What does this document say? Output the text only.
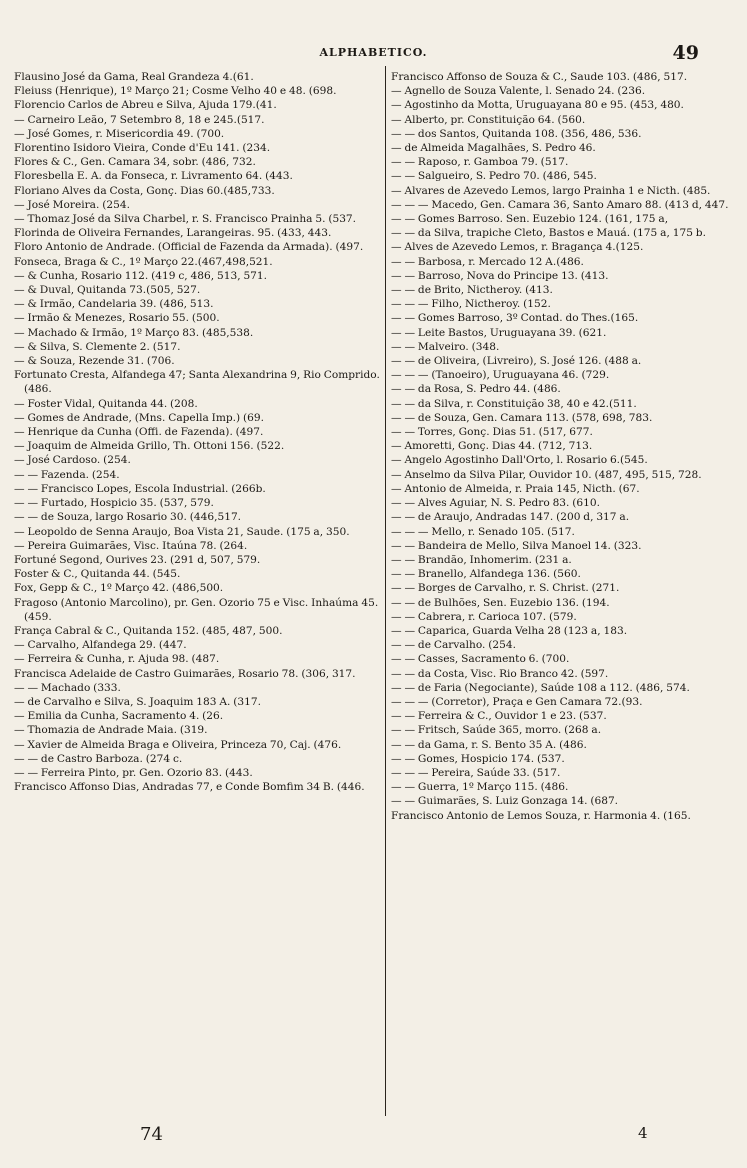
ALPHABETICO.	49

Flausino José da Gama, Real Grandeza 4.(61.

Fleiuss (Henrique), 1º Março 21; Cosme Velho 40 e 48. (698.

Florencio Carlos de Abreu e Silva, Ajuda 179.(41.

— Carneiro Leão, 7 Setembro 8, 18 e 245.(517.

— José Gomes, r. Misericordia 49. (700.

Florentino Isidoro Vieira, Conde d'Eu 141. (234.

Flores & C., Gen. Camara 34, sobr. (486, 732.

Floresbella E. A. da Fonseca, r. Livramento 64. (443.

Floriano Alves da Costa, Gonç. Dias 60.(485,733.

— José Moreira. (254.

— Thomaz José da Silva Charbel, r. S. Francisco Prainha 5. (537.

Florinda de Oliveira Fernandes, Larangeiras. 95. (433, 443.

Floro Antonio de Andrade. (Official de Fazenda da Armada). (497.

Fonseca, Braga & C., 1º Março 22.(467,498,521.

— & Cunha, Rosario 112. (419 c, 486, 513, 571.

— & Duval, Quitanda 73.(505, 527.

— & Irmão, Candelaria 39. (486, 513.

— Irmão & Menezes, Rosario 55. (500.

— Machado & Irmão, 1º Março 83. (485,538.

— & Silva, S. Clemente 2. (517.

— & Souza, Rezende 31. (706.

Fortunato Cresta, Alfandega 47; Santa Alexandrina 9, Rio Comprido. (486.

— Foster Vidal, Quitanda 44. (208.

— Gomes de Andrade, (Mns. Capella Imp.) (69.

— Henrique da Cunha (Offi. de Fazenda). (497.

— Joaquim de Almeida Grillo, Th. Ottoni 156. (522.

— José Cardoso. (254.

— — Fazenda. (254.

— — Francisco Lopes, Escola Industrial. (266b.

— — Furtado, Hospicio 35. (537, 579.

— — de Souza, largo Rosario 30. (446,517.

— Leopoldo de Senna Araujo, Boa Vista 21, Saude. (175 a, 350.

— Pereira Guimarães, Visc. Itaúna 78. (264.

Fortuné Segond, Ourives 23. (291 d, 507, 579.

Foster & C., Quitanda 44. (545.

Fox, Gepp & C., 1º Março 42. (486,500.

Fragoso (Antonio Marcolino), pr. Gen. Ozorio 75 e Visc. Inhaúma 45. (459.

França Cabral & C., Quitanda 152. (485, 487, 500.

— Carvalho, Alfandega 29. (447.

— Ferreira & Cunha, r. Ajuda 98. (487.

Francisca Adelaide de Castro Guimarães, Rosario 78. (306, 317.

— — Machado (333.

— de Carvalho e Silva, S. Joaquim 183 A. (317.

— Emilia da Cunha, Sacramento 4. (26.

— Thomazia de Andrade Maia. (319.

— Xavier de Almeida Braga e Oliveira, Princeza 70, Caj. (476.

— — de Castro Barboza. (274 c.

— — Ferreira Pinto, pr. Gen. Ozorio 83. (443.

Francisco Affonso Dias, Andradas 77, e Conde Bomfim 34 B. (446.

Francisco Affonso de Souza & C., Saude 103. (486, 517.

— Agnello de Souza Valente, l. Senado 24. (236.

— Agostinho da Motta, Uruguayana 80 e 95. (453, 480.

— Alberto, pr. Constituição 64. (560.

— — dos Santos, Quitanda 108. (356, 486, 536.

— de Almeida Magalhães, S. Pedro 46.

— — Raposo, r. Gamboa 79. (517.

— — Salgueiro, S. Pedro 70. (486, 545.

— Alvares de Azevedo Lemos, largo Prainha 1 e Nicth. (485.

— — — Macedo, Gen. Camara 36, Santo Amaro 88. (413 d, 447.

— — Gomes Barroso. Sen. Euzebio 124. (161, 175 a,

— — da Silva, trapiche Cleto, Bastos e Mauá. (175 a, 175 b.

— Alves de Azevedo Lemos, r. Bragança 4.(125.

— — Barbosa, r. Mercado 12 A.(486.

— — Barroso, Nova do Principe 13. (413.

— — de Brito, Nictheroy. (413.

— — — Filho, Nictheroy. (152.

— — Gomes Barroso, 3º Contad. do Thes.(165.

— — Leite Bastos, Uruguayana 39. (621.

— — Malveiro. (348.

— — de Oliveira, (Livreiro), S. José 126. (488 a.

— — — (Tanoeiro), Uruguayana 46. (729.

— — da Rosa, S. Pedro 44. (486.

— — da Silva, r. Constituição 38, 40 e 42.(511.

— — de Souza, Gen. Camara 113. (578, 698, 783.

— — Torres, Gonç. Dias 51. (517, 677.

— Amoretti, Gonç. Dias 44. (712, 713.

— Angelo Agostinho Dall'Orto, l. Rosario 6.(545.

— Anselmo da Silva Pilar, Ouvidor 10. (487, 495, 515, 728.

— Antonio de Almeida, r. Praia 145, Nicth. (67.

— — Alves Aguiar, N. S. Pedro 83. (610.

— — de Araujo, Andradas 147. (200 d, 317 a.

— — — Mello, r. Senado 105. (517.

— — Bandeira de Mello, Silva Manoel 14. (323.

— — Brandão, Inhomerim. (231 a.

— — Branello, Alfandega 136. (560.

— — Borges de Carvalho, r. S. Christ. (271.

— — de Bulhões, Sen. Euzebio 136. (194.

— — Cabrera, r. Carioca 107. (579.

— — Caparica, Guarda Velha 28 (123 a, 183.

— — de Carvalho. (254.

— — Casses, Sacramento 6. (700.

— — da Costa, Visc. Rio Branco 42. (597.

— — de Faria (Negociante), Saúde 108 a 112. (486, 574.

— — — (Corretor), Praça e Gen Camara 72.(93.

— — Ferreira & C., Ouvidor 1 e 23. (537.

— — Fritsch, Saúde 365, morro. (268 a.

— — da Gama, r. S. Bento 35 A. (486.

— — Gomes, Hospicio 174. (537.

— — — Pereira, Saúde 33. (517.

— — Guerra, 1º Março 115. (486.

— — Guimarães, S. Luiz Gonzaga 14. (687.

Francisco Antonio de Lemos Souza, r. Harmonia 4. (165.

74	4
